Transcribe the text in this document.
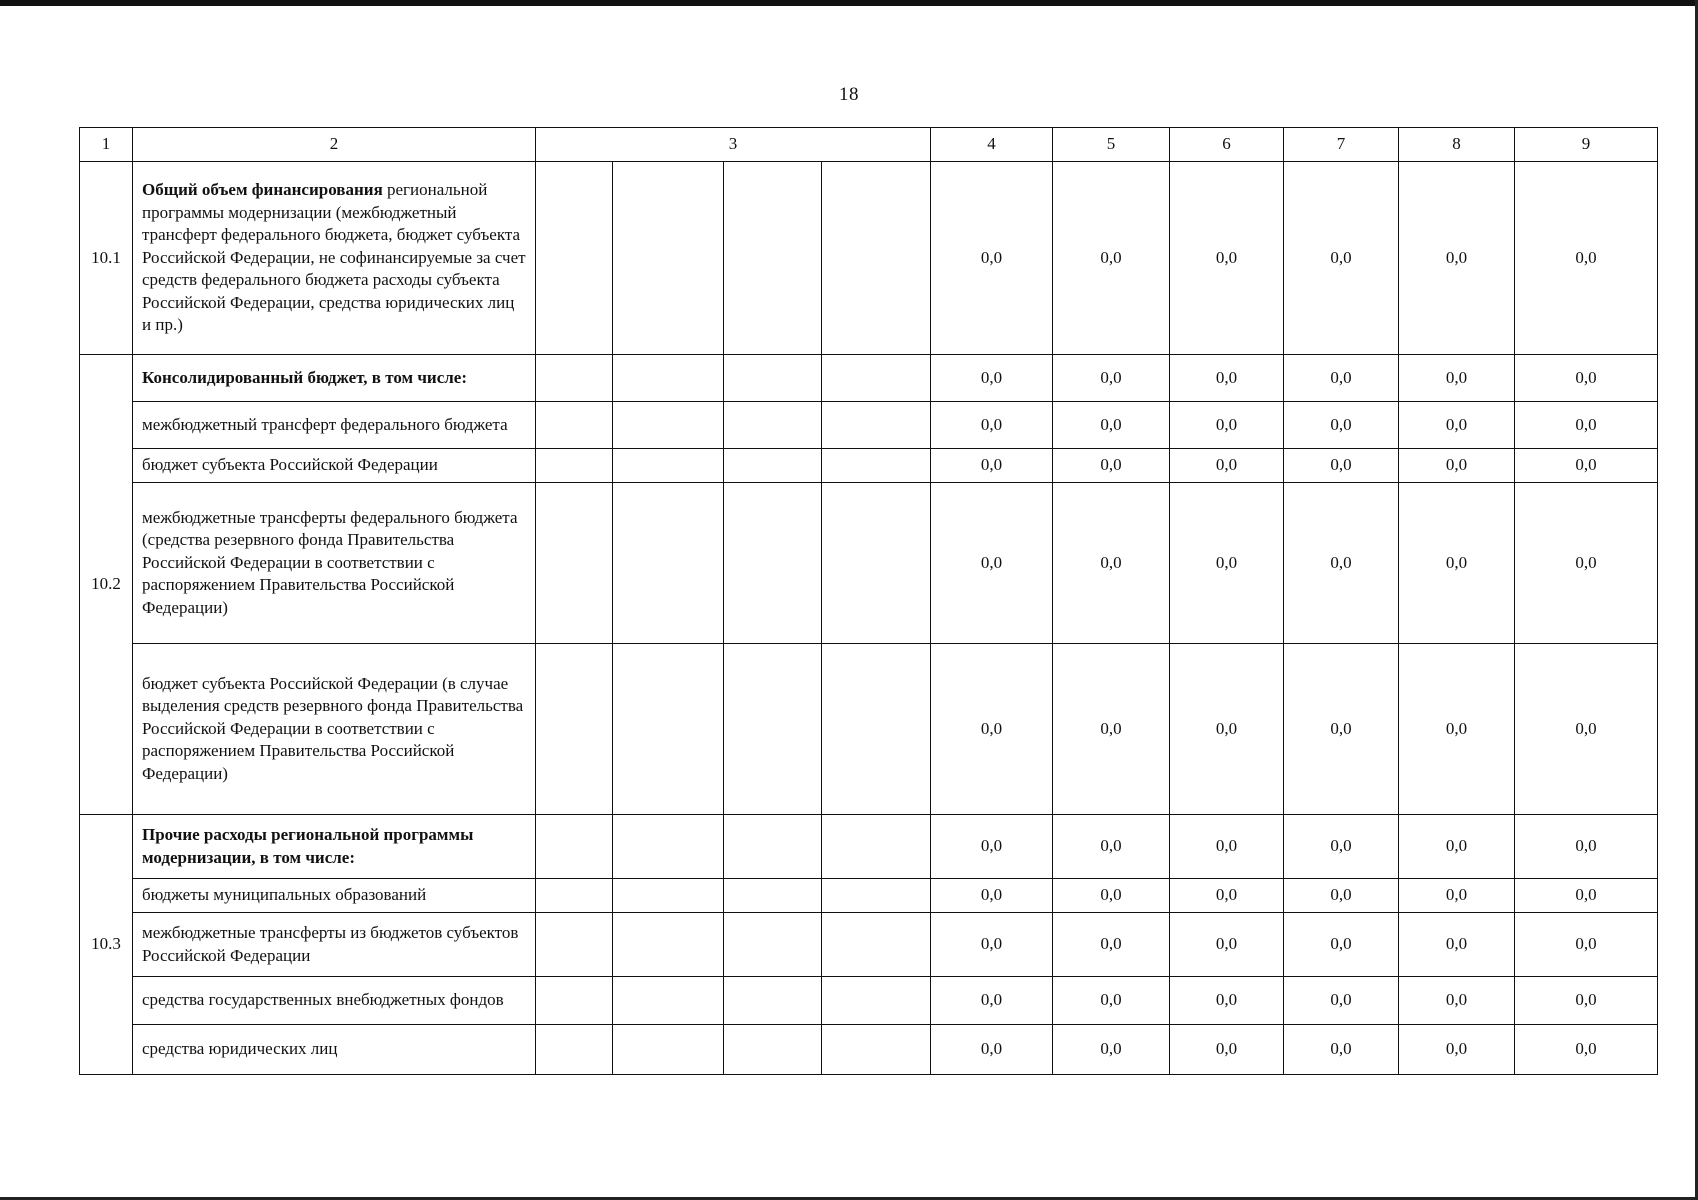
18
1	2	3				4	5	6	7	8	9
10.1	Общий объем финансирования региональной программы модернизации (межбюджетный трансферт федерального бюджета, бюджет субъекта Российской Федерации, не софинансируемые за счет средств федерального бюджета расходы субъекта Российской Федерации, средства юридических лиц и пр.)					0,0	0,0	0,0	0,0	0,0	0,0
10.2	Консолидированный бюджет, в том числе:					0,0	0,0	0,0	0,0	0,0	0,0
	межбюджетный трансферт федерального бюджета					0,0	0,0	0,0	0,0	0,0	0,0
	бюджет субъекта Российской Федерации					0,0	0,0	0,0	0,0	0,0	0,0
	межбюджетные трансферты федерального бюджета (средства резервного фонда Правительства Российской Федерации в соответствии с распоряжением Правительства Российской Федерации)					0,0	0,0	0,0	0,0	0,0	0,0
	бюджет субъекта Российской Федерации (в случае выделения средств резервного фонда Правительства Российской Федерации в соответствии с распоряжением Правительства Российской Федерации)					0,0	0,0	0,0	0,0	0,0	0,0
10.3	Прочие расходы региональной программы модернизации, в том числе:					0,0	0,0	0,0	0,0	0,0	0,0
	бюджеты муниципальных образований					0,0	0,0	0,0	0,0	0,0	0,0
	межбюджетные трансферты из бюджетов субъектов Российской Федерации					0,0	0,0	0,0	0,0	0,0	0,0
	средства государственных внебюджетных фондов					0,0	0,0	0,0	0,0	0,0	0,0
	средства юридических лиц					0,0	0,0	0,0	0,0	0,0	0,0
